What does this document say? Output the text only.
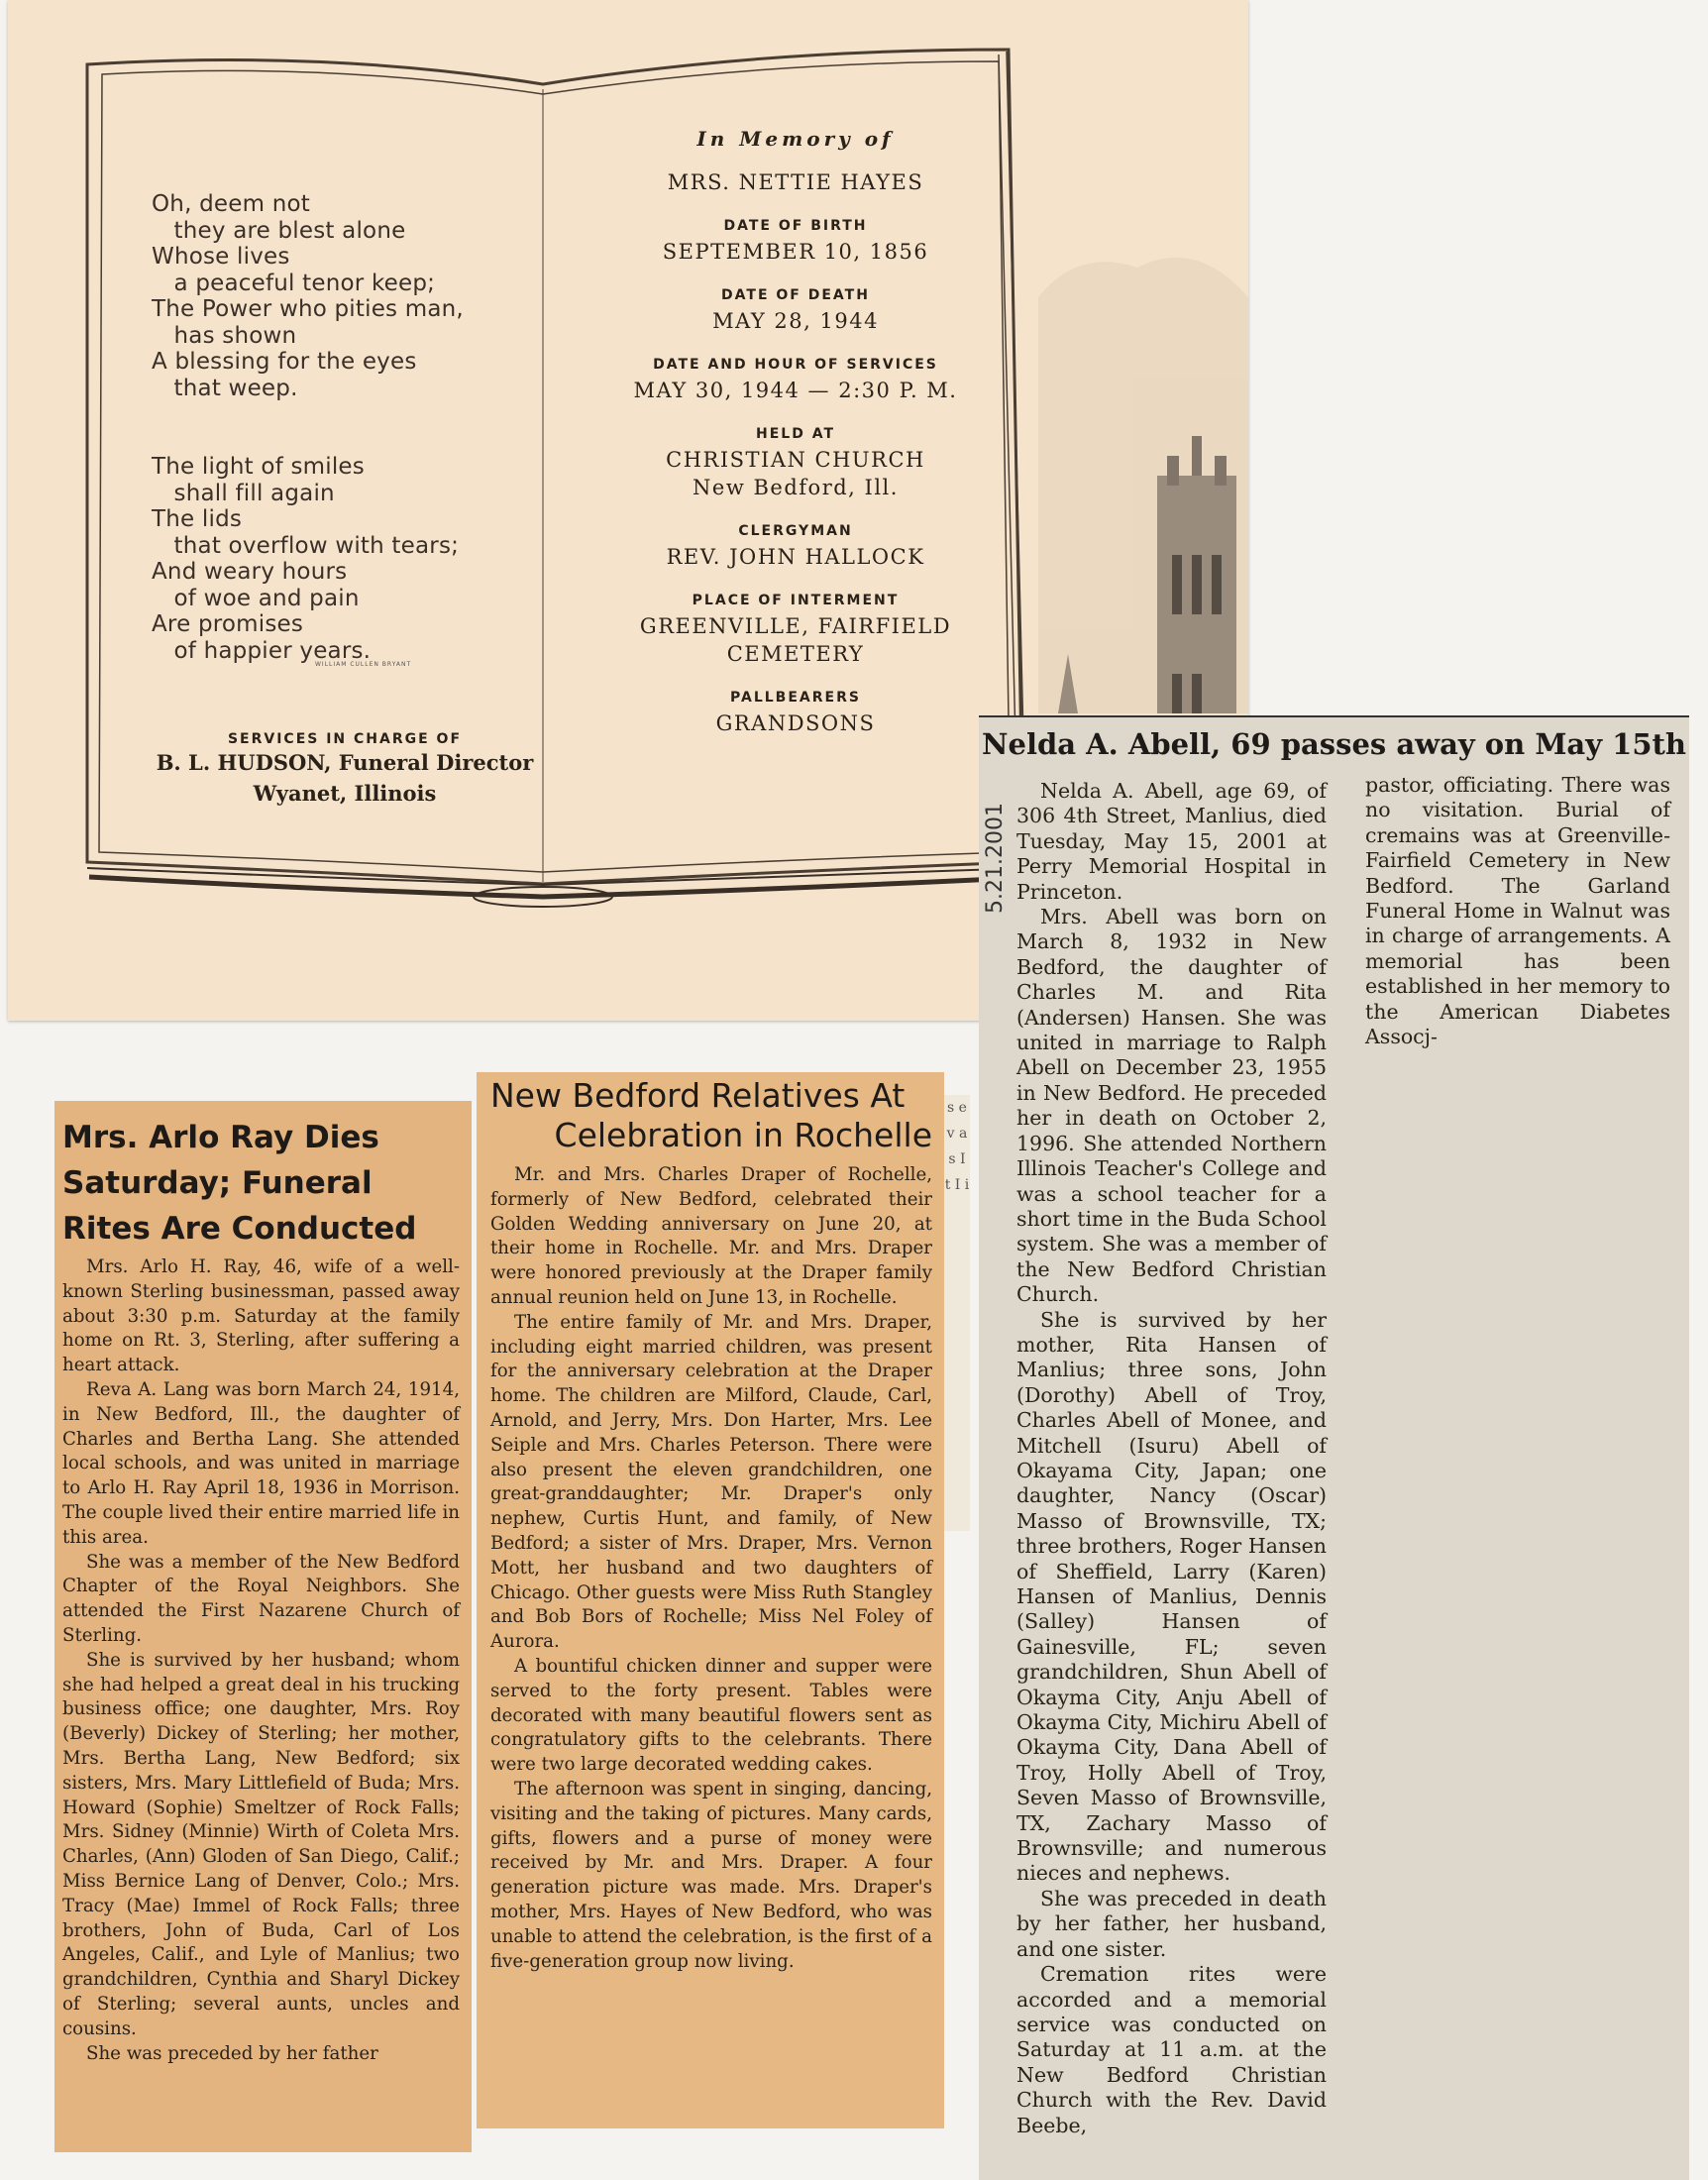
Oh, deem not
they are blest alone
Whose lives
a peaceful tenor keep;
The Power who pities man,
has shown
A blessing for the eyes
that weep.

The light of smiles
shall fill again
The lids
that overflow with tears;
And weary hours
of woe and pain
Are promises
of happier years.
WILLIAM CULLEN BRYANT
SERVICES IN CHARGE OF
B. L. HUDSON, Funeral Director
Wyanet, Illinois
In Memory of
MRS. NETTIE HAYES
DATE OF BIRTH
SEPTEMBER 10, 1856
DATE OF DEATH
MAY 28, 1944
DATE AND HOUR OF SERVICES
MAY 30, 1944 — 2:30 P. M.
HELD AT
CHRISTIAN CHURCH
New Bedford, Ill.
CLERGYMAN
REV. JOHN HALLOCK
PLACE OF INTERMENT
GREENVILLE, FAIRFIELD
CEMETERY
PALLBEARERS
GRANDSONS
Mrs. Arlo Ray Dies
Saturday; Funeral
Rites Are Conducted

Mrs. Arlo H. Ray, 46, wife of a well-known Sterling businessman, passed away about 3:30 p.m. Saturday at the family home on Rt. 3, Sterling, after suffering a heart attack.

Reva A. Lang was born March 24, 1914, in New Bedford, Ill., the daughter of Charles and Bertha Lang. She attended local schools, and was united in marriage to Arlo H. Ray April 18, 1936 in Morrison. The couple lived their entire married life in this area.

She was a member of the New Bedford Chapter of the Royal Neighbors. She attended the First Nazarene Church of Sterling.

She is survived by her husband; whom she had helped a great deal in his trucking business office; one daughter, Mrs. Roy (Beverly) Dickey of Sterling; her mother, Mrs. Bertha Lang, New Bedford; six sisters, Mrs. Mary Littlefield of Buda; Mrs. Howard (Sophie) Smeltzer of Rock Falls; Mrs. Sidney (Minnie) Wirth of Coleta Mrs. Charles, (Ann) Gloden of San Diego, Calif.; Miss Bernice Lang of Denver, Colo.; Mrs. Tracy (Mae) Immel of Rock Falls; three brothers, John of Buda, Carl of Los Angeles, Calif., and Lyle of Manlius; two grandchildren, Cynthia and Sharyl Dickey of Sterling; several aunts, uncles and cousins.

She was preceded by her father

New Bedford Relatives At
Celebration in Rochelle

Mr. and Mrs. Charles Draper of Rochelle, formerly of New Bedford, celebrated their Golden Wedding anniversary on June 20, at their home in Rochelle. Mr. and Mrs. Draper were honored previously at the Draper family annual reunion held on June 13, in Rochelle.

The entire family of Mr. and Mrs. Draper, including eight married children, was present for the anniversary celebration at the Draper home. The children are Milford, Claude, Carl, Arnold, and Jerry, Mrs. Don Harter, Mrs. Lee Seiple and Mrs. Charles Peterson. There were also present the eleven grandchildren, one great-granddaughter; Mr. Draper's only nephew, Curtis Hunt, and family, of New Bedford; a sister of Mrs. Draper, Mrs. Vernon Mott, her husband and two daughters of Chicago. Other guests were Miss Ruth Stangley and Bob Bors of Rochelle; Miss Nel Foley of Aurora.

A bountiful chicken dinner and supper were served to the forty present. Tables were decorated with many beautiful flowers sent as congratulatory gifts to the celebrants. There were two large decorated wedding cakes.

The afternoon was spent in singing, dancing, visiting and the taking of pictures. Many cards, gifts, flowers and a purse of money were received by Mr. and Mrs. Draper. A four generation picture was made. Mrs. Draper's mother, Mrs. Hayes of New Bedford, who was unable to attend the celebration, is the first of a five-generation group now living.

s e v a s I t I i
Nelda A. Abell, 69 passes away on May 15th
5.21.2001

Nelda A. Abell, age 69, of 306 4th Street, Manlius, died Tuesday, May 15, 2001 at Perry Memorial Hospital in Princeton.

Mrs. Abell was born on March 8, 1932 in New Bedford, the daughter of Charles M. and Rita (Andersen) Hansen. She was united in marriage to Ralph Abell on December 23, 1955 in New Bedford. He preceded her in death on October 2, 1996. She attended Northern Illinois Teacher's College and was a school teacher for a short time in the Buda School system. She was a member of the New Bedford Christian Church.

She is survived by her mother, Rita Hansen of Manlius; three sons, John (Dorothy) Abell of Troy, Charles Abell of Monee, and Mitchell (Isuru) Abell of Okayama City, Japan; one daughter, Nancy (Oscar) Masso of Brownsville, TX; three brothers, Roger Hansen of Sheffield, Larry (Karen) Hansen of Manlius, Dennis (Salley) Hansen of Gainesville, FL; seven grandchildren, Shun Abell of Okayma City, Anju Abell of Okayma City, Michiru Abell of Okayma City, Dana Abell of Troy, Holly Abell of Troy, Seven Masso of Brownsville, TX, Zachary Masso of Brownsville; and numerous nieces and nephews.

She was preceded in death by her father, her husband, and one sister.

Cremation rites were accorded and a memorial service was conducted on Saturday at 11 a.m. at the New Bedford Christian Church with the Rev. David Beebe,

pastor, officiating. There was no visitation. Burial of cremains was at Greenville-Fairfield Cemetery in New Bedford. The Garland Funeral Home in Walnut was in charge of arrangements. A memorial has been established in her memory to the American Diabetes Assocj-
